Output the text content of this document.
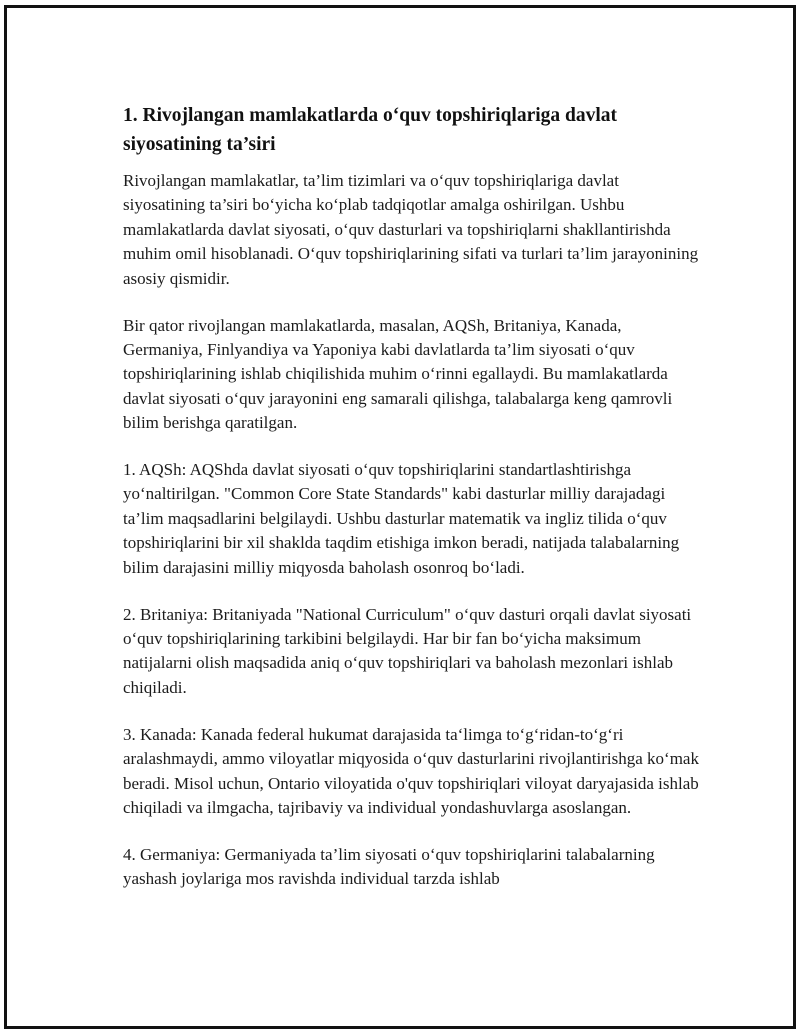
1. Rivojlangan mamlakatlarda o‘quv topshiriqlariga davlat siyosatining ta’siri

Rivojlangan mamlakatlar, ta’lim tizimlari va o‘quv topshiriqlariga davlat siyosatining ta’siri bo‘yicha ko‘plab tadqiqotlar amalga oshirilgan. Ushbu mamlakatlarda davlat siyosati, o‘quv dasturlari va topshiriqlarni shakllantirishda muhim omil hisoblanadi. O‘quv topshiriqlarining sifati va turlari ta’lim jarayonining asosiy qismidir.

Bir qator rivojlangan mamlakatlarda, masalan, AQSh, Britaniya, Kanada, Germaniya, Finlyandiya va Yaponiya kabi davlatlarda ta’lim siyosati o‘quv topshiriqlarining ishlab chiqilishida muhim o‘rinni egallaydi. Bu mamlakatlarda davlat siyosati o‘quv jarayonini eng samarali qilishga, talabalarga keng qamrovli bilim berishga qaratilgan.

1. AQSh: AQShda davlat siyosati o‘quv topshiriqlarini standartlashtirishga yo‘naltirilgan. "Common Core State Standards" kabi dasturlar milliy darajadagi ta’lim maqsadlarini belgilaydi. Ushbu dasturlar matematik va ingliz tilida o‘quv topshiriqlarini bir xil shaklda taqdim etishiga imkon beradi, natijada talabalarning bilim darajasini milliy miqyosda baholash osonroq bo‘ladi.

2. Britaniya: Britaniyada "National Curriculum" o‘quv dasturi orqali davlat siyosati o‘quv topshiriqlarining tarkibini belgilaydi. Har bir fan bo‘yicha maksimum natijalarni olish maqsadida aniq o‘quv topshiriqlari va baholash mezonlari ishlab chiqiladi.

3. Kanada: Kanada federal hukumat darajasida ta‘limga to‘g‘ridan-to‘g‘ri aralashmaydi, ammo viloyatlar miqyosida o‘quv dasturlarini rivojlantirishga ko‘mak beradi. Misol uchun, Ontario viloyatida o'quv topshiriqlari viloyat daryajasida ishlab chiqiladi va ilmgacha, tajribaviy va individual yondashuvlarga asoslangan.

4. Germaniya: Germaniyada ta’lim siyosati o‘quv topshiriqlarini talabalarning yashash joylariga mos ravishda individual tarzda ishlab
